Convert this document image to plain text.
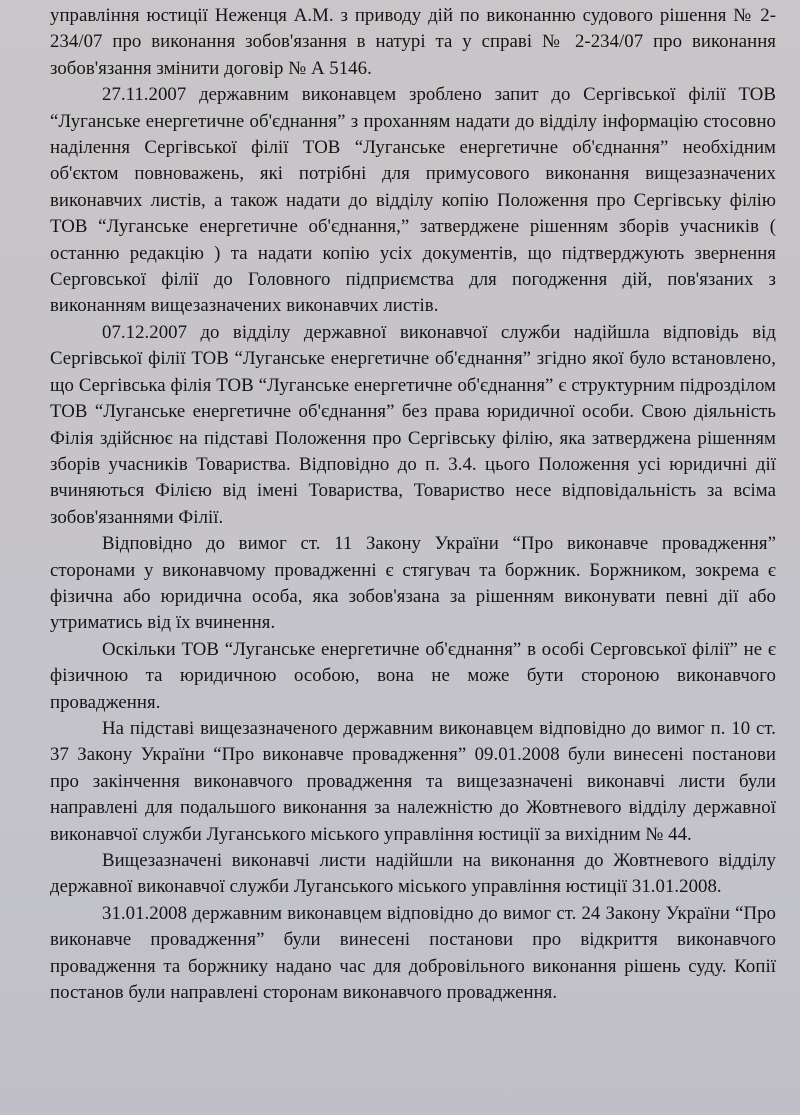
управління юстиції Неженця А.М. з приводу дій по виконанню судового рішення № 2-234/07 про виконання зобов'язання в натурі та у справі № 2-234/07 про виконання зобов'язання змінити договір № А 5146.

27.11.2007 державним виконавцем зроблено запит до Сергівської філії ТОВ “Луганське енергетичне об'єднання” з проханням надати до відділу інформацію стосовно наділення Сергівської філії ТОВ “Луганське енергетичне об'єднання” необхідним об'єктом повноважень, які потрібні для примусового виконання вищезазначених виконавчих листів, а також надати до відділу копію Положення про Сергівську філію ТОВ “Луганське енергетичне об'єднання,” затверджене рішенням зборів учасників ( останню редакцію ) та надати копію усіх документів, що підтверджують звернення Серговської філії до Головного підприємства для погодження дій, пов'язаних з виконанням вищезазначених виконавчих листів.

07.12.2007 до відділу державної виконавчої служби надійшла відповідь від Сергівської філії ТОВ “Луганське енергетичне об'єднання” згідно якої було встановлено, що Сергівська філія ТОВ “Луганське енергетичне об'єднання” є структурним підрозділом ТОВ “Луганське енергетичне об'єднання” без права юридичної особи. Свою діяльність Філія здійснює на підставі Положення про Сергівську філію, яка затверджена рішенням зборів учасників Товариства. Відповідно до п. 3.4. цього Положення усі юридичні дії вчиняються Філією від імені Товариства, Товариство несе відповідальність за всіма зобов'язаннями Філії.

Відповідно до вимог ст. 11 Закону України “Про виконавче провадження” сторонами у виконавчому провадженні є стягувач та боржник. Боржником, зокрема є фізична або юридична особа, яка зобов'язана за рішенням виконувати певні дії або утриматись від їх вчинення.

Оскільки ТОВ “Луганське енергетичне об'єднання” в особі Серговської філії” не є фізичною та юридичною особою, вона не може бути стороною виконавчого провадження.

На підставі вищезазначеного державним виконавцем відповідно до вимог п. 10 ст. 37 Закону України “Про виконавче провадження” 09.01.2008 були винесені постанови про закінчення виконавчого провадження та вищезазначені виконавчі листи були направлені для подальшого виконання за належністю до Жовтневого відділу державної виконавчої служби Луганського міського управління юстиції за вихідним № 44.

Вищезазначені виконавчі листи надійшли на виконання до Жовтневого відділу державної виконавчої служби Луганського міського управління юстиції 31.01.2008.

31.01.2008 державним виконавцем відповідно до вимог ст. 24 Закону України “Про виконавче провадження” були винесені постанови про відкриття виконавчого провадження та боржнику надано час для добровільного виконання рішень суду. Копії постанов були направлені сторонам виконавчого провадження.
